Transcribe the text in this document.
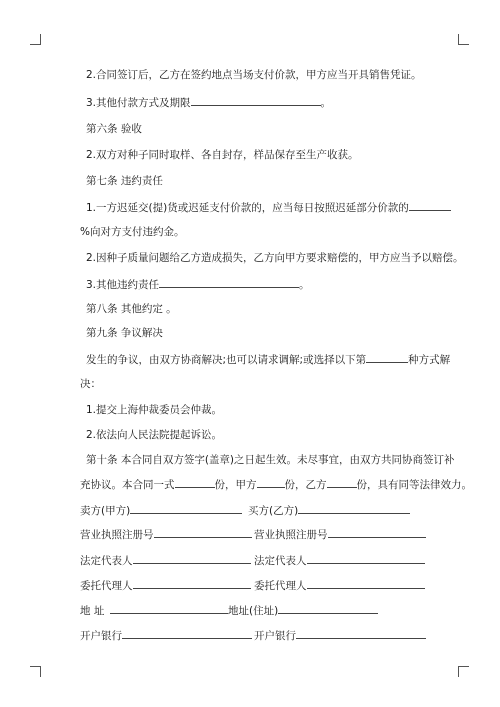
2.合同签订后，乙方在签约地点当场支付价款，甲方应当开具销售凭证。
3.其他付款方式及期限	。
第六条 验收
2.双方对种子同时取样、各自封存，样品保存至生产收获。
第七条 违约责任
1.一方迟延交(提)货或迟延支付价款的，应当每日按照迟延部分价款的
%向对方支付违约金。
2.因种子质量问题给乙方造成损失，乙方向甲方要求赔偿的，甲方应当予以赔偿。
3.其他违约责任	。
第八条 其他约定 。
第九条 争议解决
发生的争议，由双方协商解决;也可以请求调解;或选择以下第	种方式解
决：
1.提交上海仲裁委员会仲裁。
2.依法向人民法院提起诉讼。
第十条 本合同自双方签字(盖章)之日起生效。未尽事宜，由双方共同协商签订补
充协议。本合同一式	份，甲方	份，乙方	份，具有同等法律效力。
卖方(甲方)	买方(乙方)
营业执照注册号	营业执照注册号
法定代表人	法定代表人
委托代理人	委托代理人
地 址	地址(住址)
开户银行	开户银行
